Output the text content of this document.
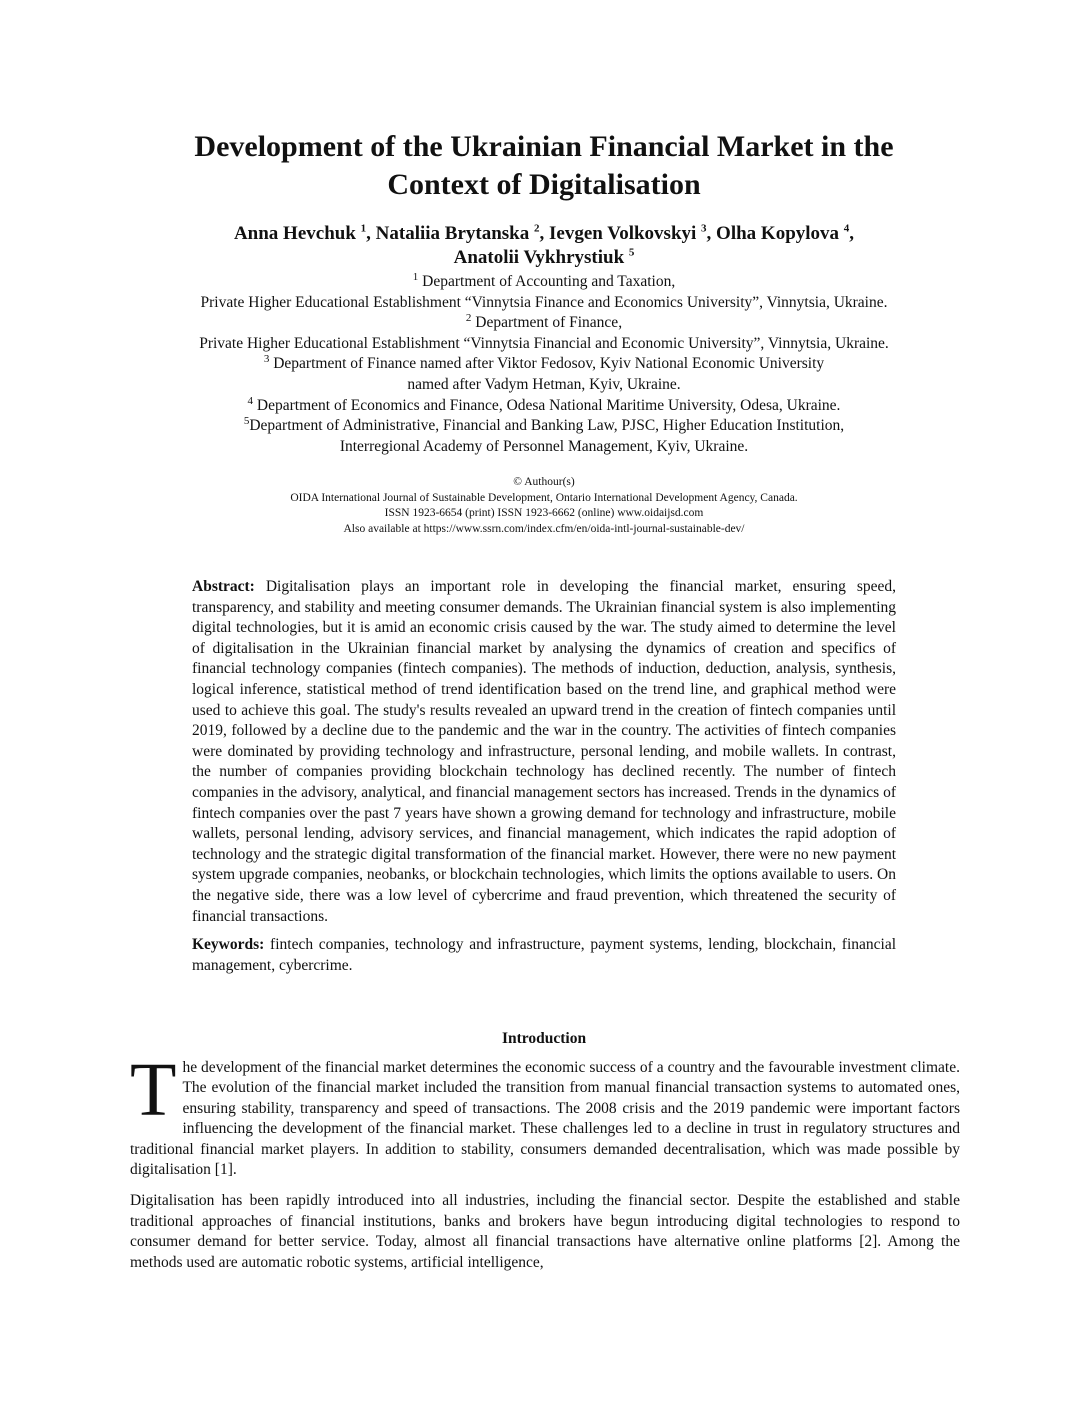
Development of the Ukrainian Financial Market in the
Context of Digitalisation
Anna Hevchuk $^1$, Nataliia Brytanska $^2$, Ievgen Volkovskyi $^3$, Olha Kopylova $^4$,
Anatolii Vykhrystiuk $^5$
$^1$ Department of Accounting and Taxation,
Private Higher Educational Establishment “Vinnytsia Finance and Economics University”, Vinnytsia, Ukraine.
$^2$ Department of Finance,
Private Higher Educational Establishment “Vinnytsia Financial and Economic University”, Vinnytsia, Ukraine.
$^3$ Department of Finance named after Viktor Fedosov, Kyiv National Economic University
named after Vadym Hetman, Kyiv, Ukraine.
$^4$ Department of Economics and Finance, Odesa National Maritime University, Odesa, Ukraine.
$^5$Department of Administrative, Financial and Banking Law, PJSC, Higher Education Institution,
Interregional Academy of Personnel Management, Kyiv, Ukraine.
© Authour(s)
OIDA International Journal of Sustainable Development, Ontario International Development Agency, Canada.
ISSN 1923-6654 (print) ISSN 1923-6662 (online) www.oidaijsd.com
Also available at https://www.ssrn.com/index.cfm/en/oida-intl-journal-sustainable-dev/

Abstract: Digitalisation plays an important role in developing the financial market, ensuring speed, transparency, and stability and meeting consumer demands. The Ukrainian financial system is also implementing digital technologies, but it is amid an economic crisis caused by the war. The study aimed to determine the level of digitalisation in the Ukrainian financial market by analysing the dynamics of creation and specifics of financial technology companies (fintech companies). The methods of induction, deduction, analysis, synthesis, logical inference, statistical method of trend identification based on the trend line, and graphical method were used to achieve this goal. The study's results revealed an upward trend in the creation of fintech companies until 2019, followed by a decline due to the pandemic and the war in the country. The activities of fintech companies were dominated by providing technology and infrastructure, personal lending, and mobile wallets. In contrast, the number of companies providing blockchain technology has declined recently. The number of fintech companies in the advisory, analytical, and financial management sectors has increased. Trends in the dynamics of fintech companies over the past 7 years have shown a growing demand for technology and infrastructure, mobile wallets, personal lending, advisory services, and financial management, which indicates the rapid adoption of technology and the strategic digital transformation of the financial market. However, there were no new payment system upgrade companies, neobanks, or blockchain technologies, which limits the options available to users. On the negative side, there was a low level of cybercrime and fraud prevention, which threatened the security of financial transactions.

Keywords: fintech companies, technology and infrastructure, payment systems, lending, blockchain, financial management, cybercrime.

Introduction

The development of the financial market determines the economic success of a country and the favourable investment climate. The evolution of the financial market included the transition from manual financial transaction systems to automated ones, ensuring stability, transparency and speed of transactions. The 2008 crisis and the 2019 pandemic were important factors influencing the development of the financial market. These challenges led to a decline in trust in regulatory structures and traditional financial market players. In addition to stability, consumers demanded decentralisation, which was made possible by digitalisation [1].

Digitalisation has been rapidly introduced into all industries, including the financial sector. Despite the established and stable traditional approaches of financial institutions, banks and brokers have begun introducing digital technologies to respond to consumer demand for better service. Today, almost all financial transactions have alternative online platforms [2]. Among the methods used are automatic robotic systems, artificial intelligence,
